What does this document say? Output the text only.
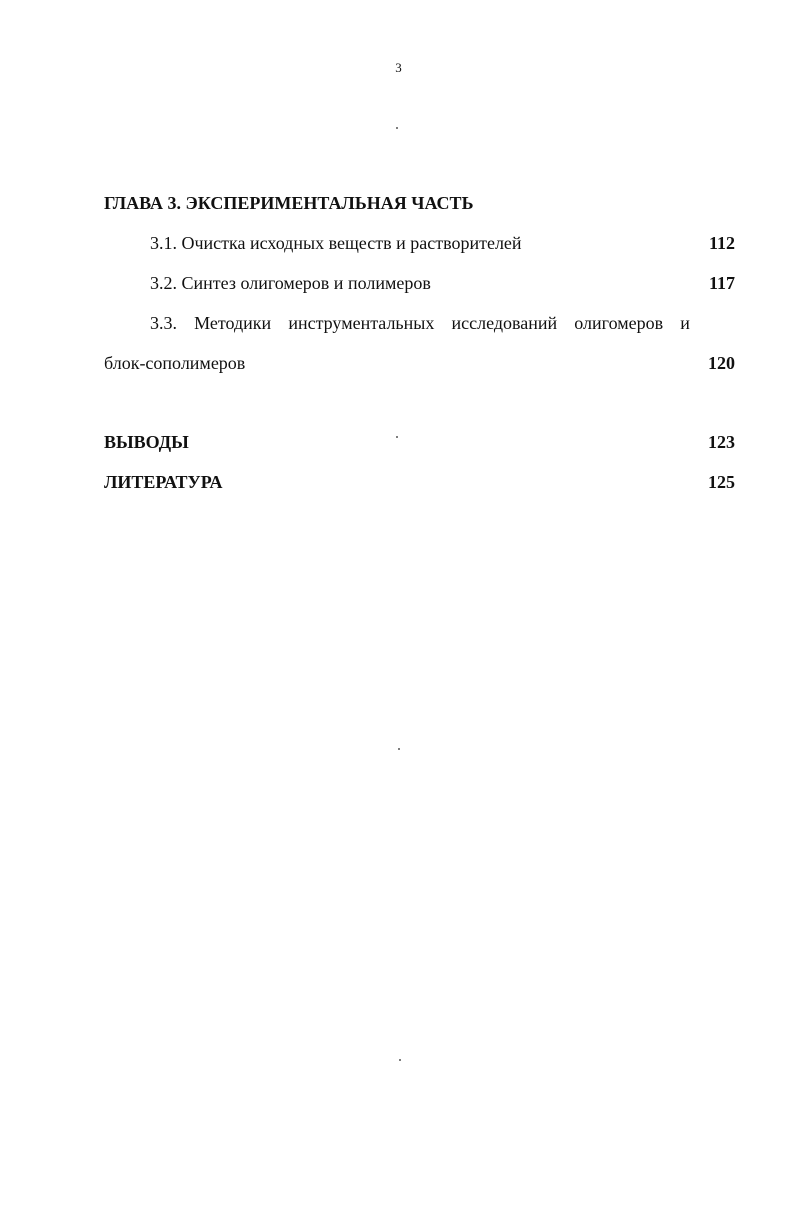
3
ГЛАВА 3. ЭКСПЕРИМЕНТАЛЬНАЯ ЧАСТЬ
3.1. Очистка исходных веществ и растворителей	112
3.2. Синтез олигомеров и полимеров	117
3.3. Методики инструментальных исследований олигомеров и
блок-сополимеров	120
ВЫВОДЫ	123
ЛИТЕРАТУРА	125
